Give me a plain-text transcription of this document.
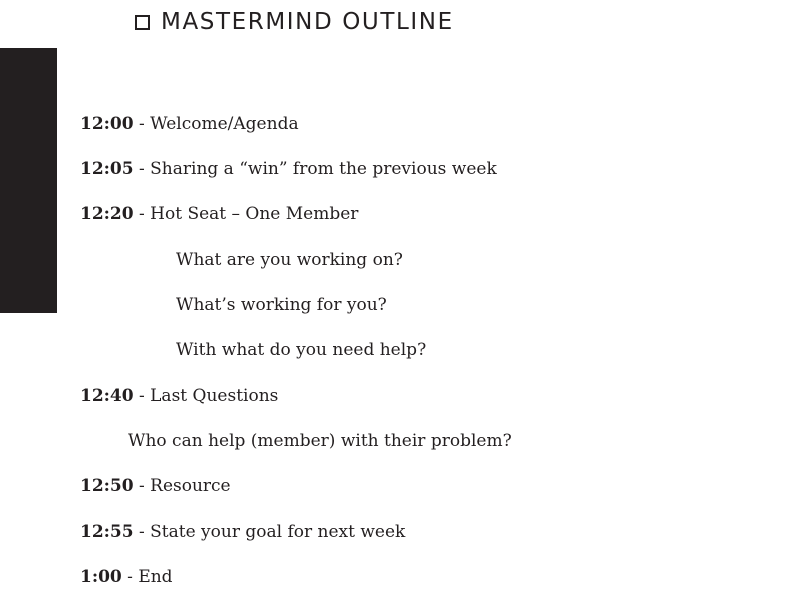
MASTERMIND OUTLINE
12:00 - Welcome/Agenda
12:05 - Sharing a “win” from the previous week
12:20 - Hot Seat – One Member
What are you working on?
What’s working for you?
With what do you need help?
12:40 - Last Questions
Who can help (member) with their problem?
12:50 - Resource
12:55 - State your goal for next week
1:00 - End
